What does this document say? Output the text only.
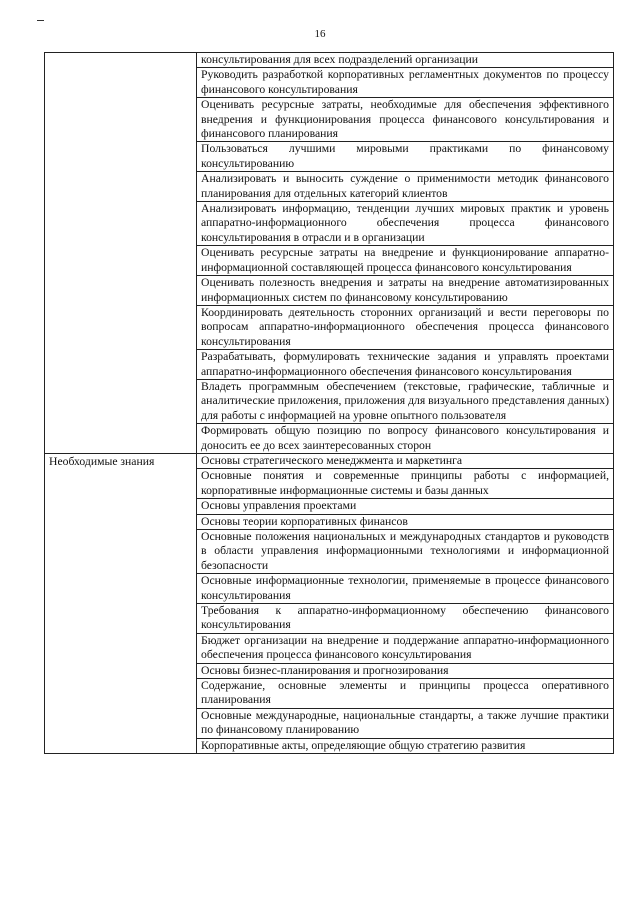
16
	консультирования для всех подразделений организации
	Руководить разработкой корпоративных регламентных документов по процессу финансового консультирования
	Оценивать ресурсные затраты, необходимые для обеспечения эффективного внедрения и функционирования процесса финансового консультирования и финансового планирования
	Пользоваться лучшими мировыми практиками по финансовому консультированию
	Анализировать и выносить суждение о применимости методик финансового планирования для отдельных категорий клиентов
	Анализировать информацию, тенденции лучших мировых практик и уровень аппаратно-информационного обеспечения процесса финансового консультирования в отрасли и в организации
	Оценивать ресурсные затраты на внедрение и функционирование аппаратно-информационной составляющей процесса финансового консультирования
	Оценивать полезность внедрения и затраты на внедрение автоматизированных информационных систем по финансовому консультированию
	Координировать деятельность сторонних организаций и вести переговоры по вопросам аппаратно-информационного обеспечения процесса финансового консультирования
	Разрабатывать, формулировать технические задания и управлять проектами аппаратно-информационного обеспечения финансового консультирования
	Владеть программным обеспечением (текстовые, графические, табличные и аналитические приложения, приложения для визуального представления данных) для работы с информацией на уровне опытного пользователя
	Формировать общую позицию по вопросу финансового консультирования и доносить ее до всех заинтересованных сторон
Необходимые знания	Основы стратегического менеджмента и маркетинга
	Основные понятия и современные принципы работы с информацией, корпоративные информационные системы и базы данных
	Основы управления проектами
	Основы теории корпоративных финансов
	Основные положения национальных и международных стандартов и руководств в области управления информационными технологиями и информационной безопасности
	Основные информационные технологии, применяемые в процессе финансового консультирования
	Требования к аппаратно-информационному обеспечению финансового консультирования
	Бюджет организации на внедрение и поддержание аппаратно-информационного обеспечения процесса финансового консультирования
	Основы бизнес-планирования и прогнозирования
	Содержание, основные элементы и принципы процесса оперативного планирования
	Основные международные, национальные стандарты, а также лучшие практики по финансовому планированию
	Корпоративные акты, определяющие общую стратегию развития
